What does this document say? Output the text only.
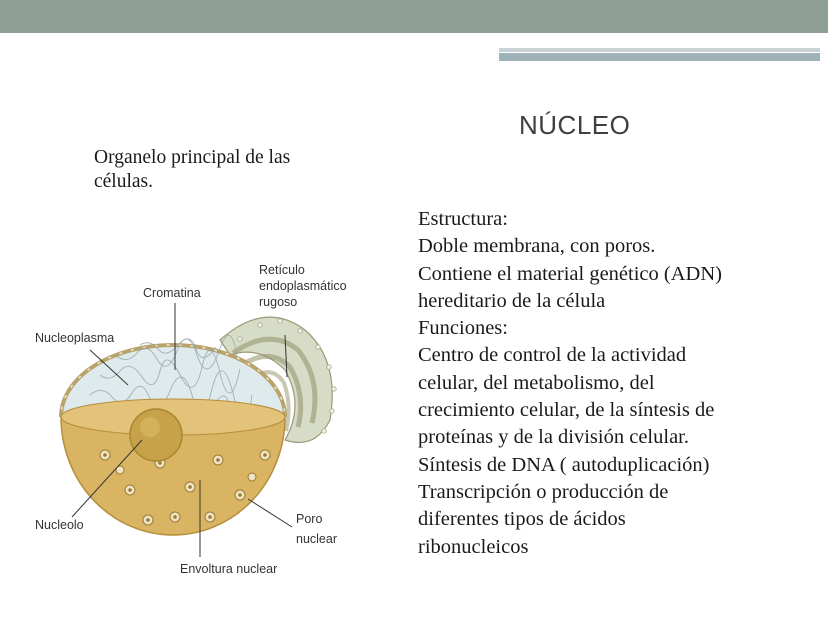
NÚCLEO
Organelo principal de las células.
Estructura:
Doble membrana, con poros.
Contiene el material genético (ADN)
hereditario de la célula
Funciones:
Centro de control de la actividad
celular, del metabolismo, del
crecimiento celular, de la síntesis de
proteínas y de la división celular.
Síntesis de DNA ( autoduplicación)
Transcripción o producción de
diferentes tipos de ácidos
ribonucleicos
Retículo
endoplasmático
rugoso
Cromatina
Nucleoplasma
Nucleolo	Poro
nuclear
Envoltura nuclear
